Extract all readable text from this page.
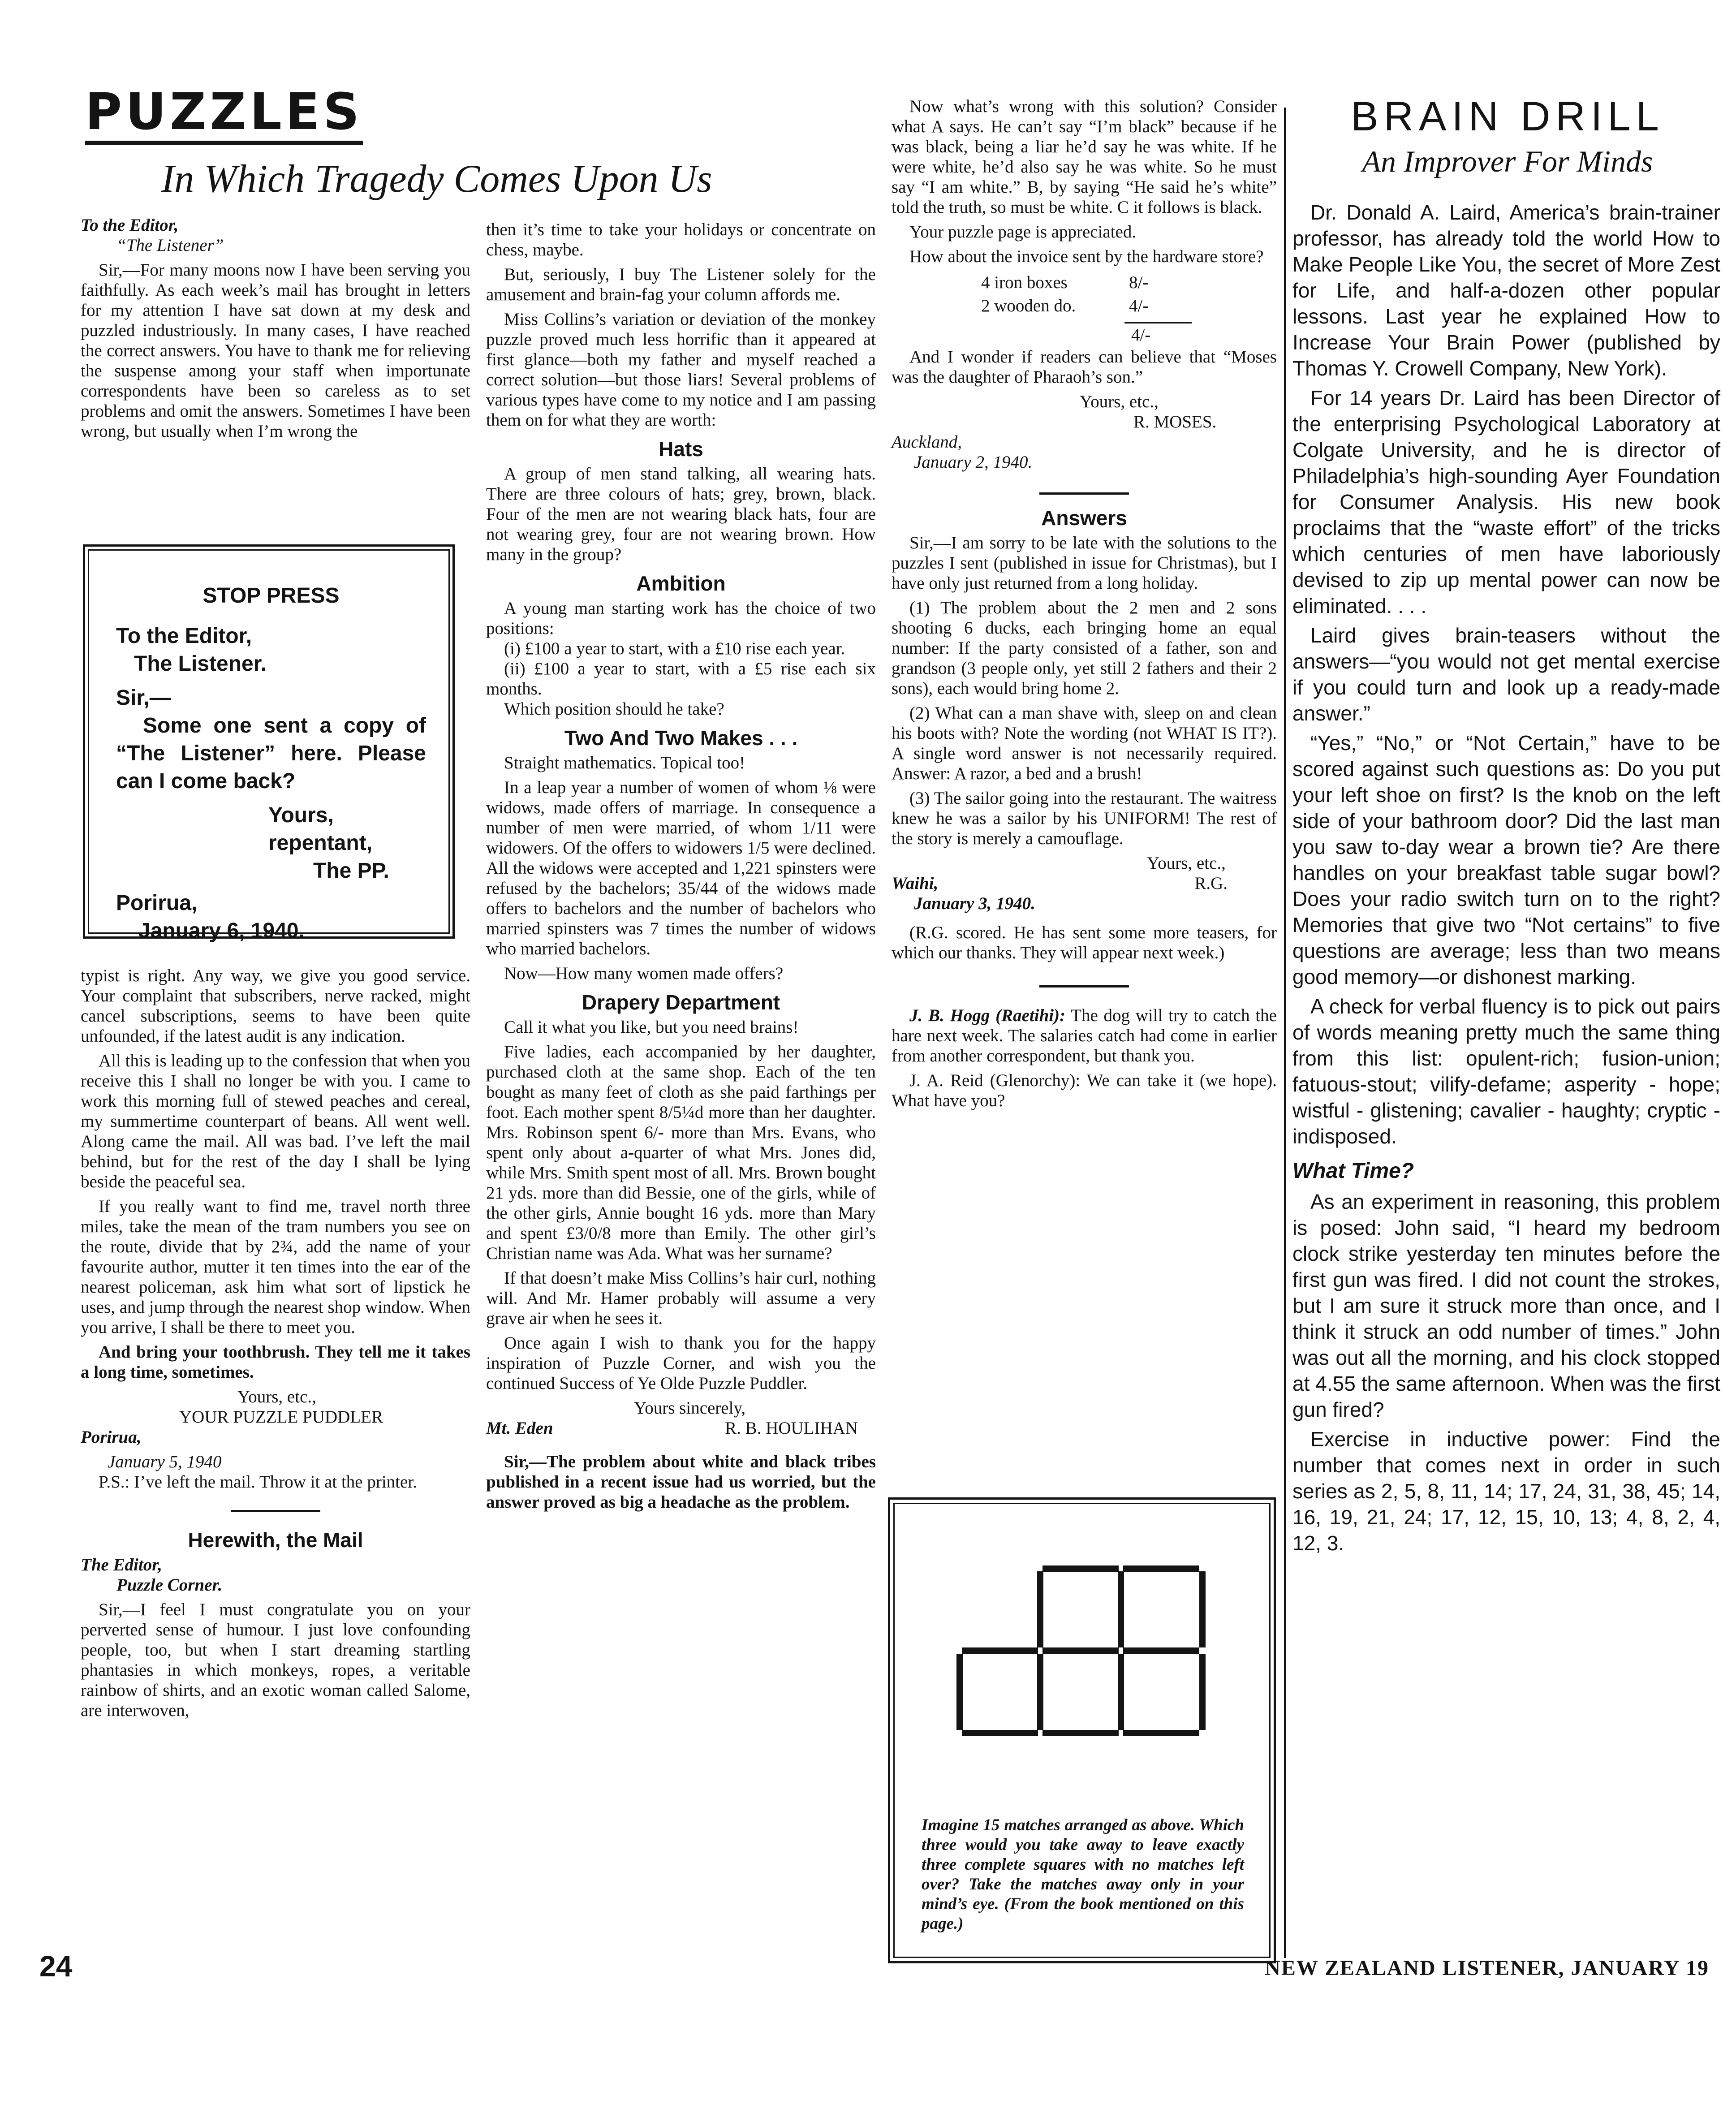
PUZZLES
In Which Tragedy Comes Upon Us

To the Editor,

“The Listener”

Sir,—For many moons now I have been serving you faithfully. As each week’s mail has brought in letters for my attention I have sat down at my desk and puzzled industriously. In many cases, I have reached the correct answers. You have to thank me for relieving the suspense among your staff when importunate correspondents have been so careless as to set problems and omit the answers. Sometimes I have been wrong, but usually when I’m wrong the

STOP PRESS
To the Editor,
The Listener.
Sir,—
Some one sent a copy of “The Listener” here. Please can I come back?
Yours, repentant,
The PP.
Porirua,
January 6, 1940.

typist is right. Any way, we give you good service. Your complaint that subscribers, nerve racked, might cancel subscriptions, seems to have been quite unfounded, if the latest audit is any indication.

All this is leading up to the confession that when you receive this I shall no longer be with you. I came to work this morning full of stewed peaches and cereal, my summertime counterpart of beans. All went well. Along came the mail. All was bad. I’ve left the mail behind, but for the rest of the day I shall be lying beside the peaceful sea.

If you really want to find me, travel north three miles, take the mean of the tram numbers you see on the route, divide that by 2¾, add the name of your favourite author, mutter it ten times into the ear of the nearest policeman, ask him what sort of lipstick he uses, and jump through the nearest shop window. When you arrive, I shall be there to meet you.

And bring your toothbrush. They tell me it takes a long time, sometimes.

Yours, etc.,

YOUR PUZZLE PUDDLER

Porirua,

January 5, 1940

P.S.: I’ve left the mail. Throw it at the printer.

Herewith, the Mail

The Editor,

Puzzle Corner.

Sir,—I feel I must congratulate you on your perverted sense of humour. I just love confounding people, too, but when I start dreaming startling phantasies in which monkeys, ropes, a veritable rainbow of shirts, and an exotic woman called Salome, are interwoven,

then it’s time to take your holidays or concentrate on chess, maybe.

But, seriously, I buy The Listener solely for the amusement and brain-fag your column affords me.

Miss Collins’s variation or deviation of the monkey puzzle proved much less horrific than it appeared at first glance—both my father and myself reached a correct solution—but those liars! Several problems of various types have come to my notice and I am passing them on for what they are worth:

Hats

A group of men stand talking, all wearing hats. There are three colours of hats; grey, brown, black. Four of the men are not wearing black hats, four are not wearing grey, four are not wearing brown. How many in the group?

Ambition

A young man starting work has the choice of two positions:

(i) £100 a year to start, with a £10 rise each year.

(ii) £100 a year to start, with a £5 rise each six months.

Which position should he take?

Two And Two Makes . . .

Straight mathematics. Topical too!

In a leap year a number of women of whom ⅛ were widows, made offers of marriage. In consequence a number of men were married, of whom 1/11 were widowers. Of the offers to widowers 1/5 were declined. All the widows were accepted and 1,221 spinsters were refused by the bachelors; 35/44 of the widows made offers to bachelors and the number of bachelors who married spinsters was 7 times the number of widows who married bachelors.

Now—How many women made offers?

Drapery Department

Call it what you like, but you need brains!

Five ladies, each accompanied by her daughter, purchased cloth at the same shop. Each of the ten bought as many feet of cloth as she paid farthings per foot. Each mother spent 8/5¼d more than her daughter. Mrs. Robinson spent 6/- more than Mrs. Evans, who spent only about a-quarter of what Mrs. Jones did, while Mrs. Smith spent most of all. Mrs. Brown bought 21 yds. more than did Bessie, one of the girls, while of the other girls, Annie bought 16 yds. more than Mary and spent £3/0/8 more than Emily. The other girl’s Christian name was Ada. What was her surname?

If that doesn’t make Miss Collins’s hair curl, nothing will. And Mr. Hamer probably will assume a very grave air when he sees it.

Once again I wish to thank you for the happy inspiration of Puzzle Corner, and wish you the continued Success of Ye Olde Puzzle Puddler.

Yours sincerely,

Mt. Eden	R. B. HOULIHAN

Sir,—The problem about white and black tribes published in a recent issue had us worried, but the answer proved as big a headache as the problem.

Now what’s wrong with this solution? Consider what A says. He can’t say “I’m black” because if he was black, being a liar he’d say he was white. If he were white, he’d also say he was white. So he must say “I am white.” B, by saying “He said he’s white” told the truth, so must be white. C it follows is black.

Your puzzle page is appreciated.

How about the invoice sent by the hardware store?

4 iron boxes	8/-
2 wooden do.	4/-
4/-

And I wonder if readers can believe that “Moses was the daughter of Pharaoh’s son.”

Yours, etc.,

R. MOSES.

Auckland,

January 2, 1940.

Answers

Sir,—I am sorry to be late with the solutions to the puzzles I sent (published in issue for Christmas), but I have only just returned from a long holiday.

(1) The problem about the 2 men and 2 sons shooting 6 ducks, each bringing home an equal number: If the party consisted of a father, son and grandson (3 people only, yet still 2 fathers and their 2 sons), each would bring home 2.

(2) What can a man shave with, sleep on and clean his boots with? Note the wording (not WHAT IS IT?). A single word answer is not necessarily required. Answer: A razor, a bed and a brush!

(3) The sailor going into the restaurant. The waitress knew he was a sailor by his UNIFORM! The rest of the story is merely a camouflage.

Yours, etc.,

Waihi,	R.G.

January 3, 1940.

(R.G. scored. He has sent some more teasers, for which our thanks. They will appear next week.)

J. B. Hogg (Raetihi): The dog will try to catch the hare next week. The salaries catch had come in earlier from another correspondent, but thank you.

J. A. Reid (Glenorchy): We can take it (we hope). What have you?

Imagine 15 matches arranged as above. Which three would you take away to leave exactly three complete squares with no matches left over? Take the matches away only in your mind’s eye. (From the book mentioned on this page.)
BRAIN DRILL
An Improver For Minds

Dr. Donald A. Laird, America’s brain-trainer professor, has already told the world How to Make People Like You, the secret of More Zest for Life, and half-a-dozen other popular lessons. Last year he explained How to Increase Your Brain Power (published by Thomas Y. Crowell Company, New York).

For 14 years Dr. Laird has been Director of the enterprising Psychological Laboratory at Colgate University, and he is director of Philadelphia’s high-sounding Ayer Foundation for Consumer Analysis. His new book proclaims that the “waste effort” of the tricks which centuries of men have laboriously devised to zip up mental power can now be eliminated. . . .

Laird gives brain-teasers without the answers—“you would not get mental exercise if you could turn and look up a ready-made answer.”

“Yes,” “No,” or “Not Certain,” have to be scored against such questions as: Do you put your left shoe on first? Is the knob on the left side of your bathroom door? Did the last man you saw to-day wear a brown tie? Are there handles on your breakfast table sugar bowl? Does your radio switch turn on to the right? Memories that give two “Not certains” to five questions are average; less than two means good memory—or dishonest marking.

A check for verbal fluency is to pick out pairs of words meaning pretty much the same thing from this list: opulent-rich; fusion-union; fatuous-stout; vilify-defame; asperity - hope; wistful - glistening; cavalier - haughty; cryptic - indisposed.

What Time?

As an experiment in reasoning, this problem is posed: John said, “I heard my bedroom clock strike yesterday ten minutes before the first gun was fired. I did not count the strokes, but I am sure it struck more than once, and I think it struck an odd number of times.” John was out all the morning, and his clock stopped at 4.55 the same afternoon. When was the first gun fired?

Exercise in inductive power: Find the number that comes next in order in such series as 2, 5, 8, 11, 14; 17, 24, 31, 38, 45; 14, 16, 19, 21, 24; 17, 12, 15, 10, 13; 4, 8, 2, 4, 12, 3.

24	NEW ZEALAND LISTENER, JANUARY 19
